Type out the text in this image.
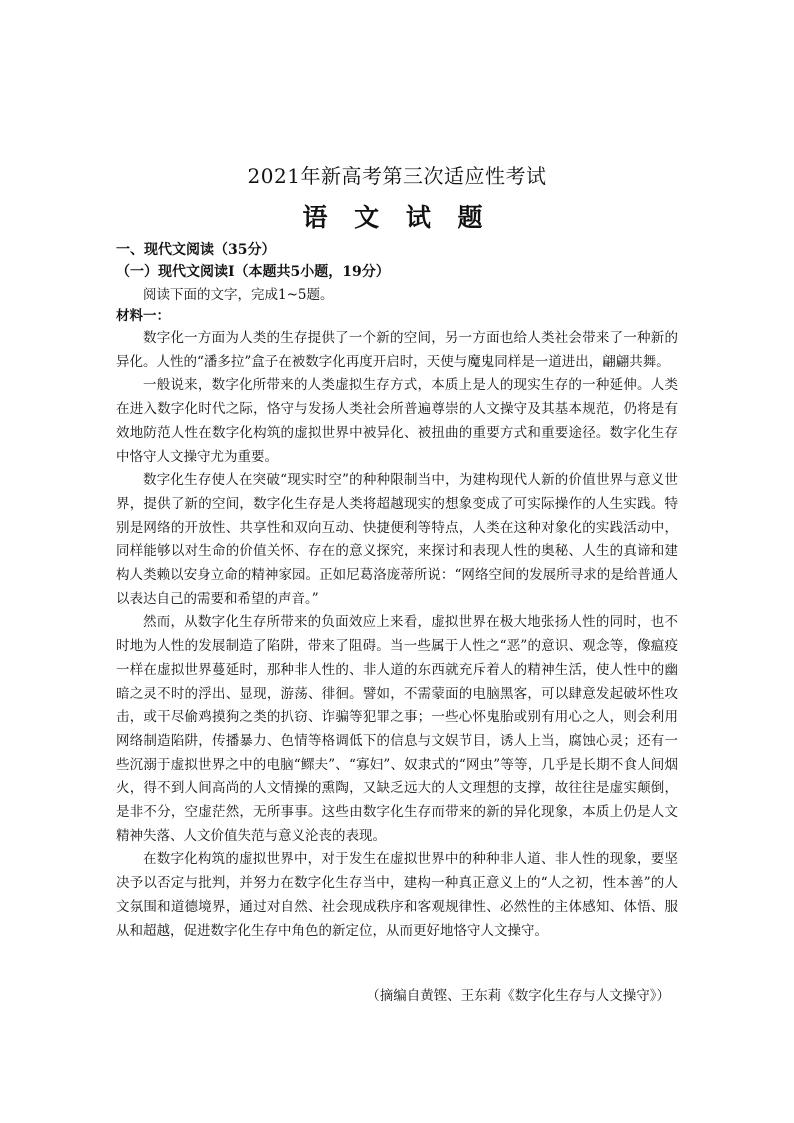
2021年新高考第三次适应性考试
语 文 试 题
一、现代文阅读（35分）
（一）现代文阅读Ⅰ（本题共5小题，19分）
阅读下面的文字，完成1~5题。
材料一：

数字化一方面为人类的生存提供了一个新的空间，另一方面也给人类社会带来了一种新的异化。人性的“潘多拉”盒子在被数字化再度开启时，天使与魔鬼同样是一道进出，翩翩共舞。

一般说来，数字化所带来的人类虚拟生存方式，本质上是人的现实生存的一种延伸。人类在进入数字化时代之际，恪守与发扬人类社会所普遍尊崇的人文操守及其基本规范，仍将是有效地防范人性在数字化构筑的虚拟世界中被异化、被扭曲的重要方式和重要途径。数字化生存中恪守人文操守尤为重要。

数字化生存使人在突破“现实时空”的种种限制当中，为建构现代人新的价值世界与意义世界，提供了新的空间，数字化生存是人类将超越现实的想象变成了可实际操作的人生实践。特别是网络的开放性、共享性和双向互动、快捷便利等特点，人类在这种对象化的实践活动中，同样能够以对生命的价值关怀、存在的意义探究，来探讨和表现人性的奥秘、人生的真谛和建构人类赖以安身立命的精神家园。正如尼葛洛庞蒂所说：“网络空间的发展所寻求的是给普通人以表达自己的需要和希望的声音。”

然而，从数字化生存所带来的负面效应上来看，虚拟世界在极大地张扬人性的同时，也不时地为人性的发展制造了陷阱，带来了阻碍。当一些属于人性之“恶”的意识、观念等，像瘟疫一样在虚拟世界蔓延时，那种非人性的、非人道的东西就充斥着人的精神生活，使人性中的幽暗之灵不时的浮出、显现，游荡、徘徊。譬如，不需蒙面的电脑黑客，可以肆意发起破坏性攻击，或干尽偷鸡摸狗之类的扒窃、诈骗等犯罪之事；一些心怀鬼胎或别有用心之人，则会利用网络制造陷阱，传播暴力、色情等格调低下的信息与文娱节目，诱人上当，腐蚀心灵；还有一些沉溺于虚拟世界之中的电脑“鳏夫”、“寡妇”、奴隶式的“网虫”等等，几乎是长期不食人间烟火，得不到人间高尚的人文情操的熏陶，又缺乏远大的人文理想的支撑，故往往是虚实颠倒，是非不分，空虚茫然，无所事事。这些由数字化生存而带来的新的异化现象，本质上仍是人文精神失落、人文价值失范与意义沦丧的表现。

在数字化构筑的虚拟世界中，对于发生在虚拟世界中的种种非人道、非人性的现象，要坚决予以否定与批判，并努力在数字化生存当中，建构一种真正意义上的“人之初，性本善”的人文氛围和道德境界，通过对自然、社会现成秩序和客观规律性、必然性的主体感知、体悟、服从和超越，促进数字化生存中角色的新定位，从而更好地恪守人文操守。

（摘编自黄铿、王东莉《数字化生存与人文操守》）
